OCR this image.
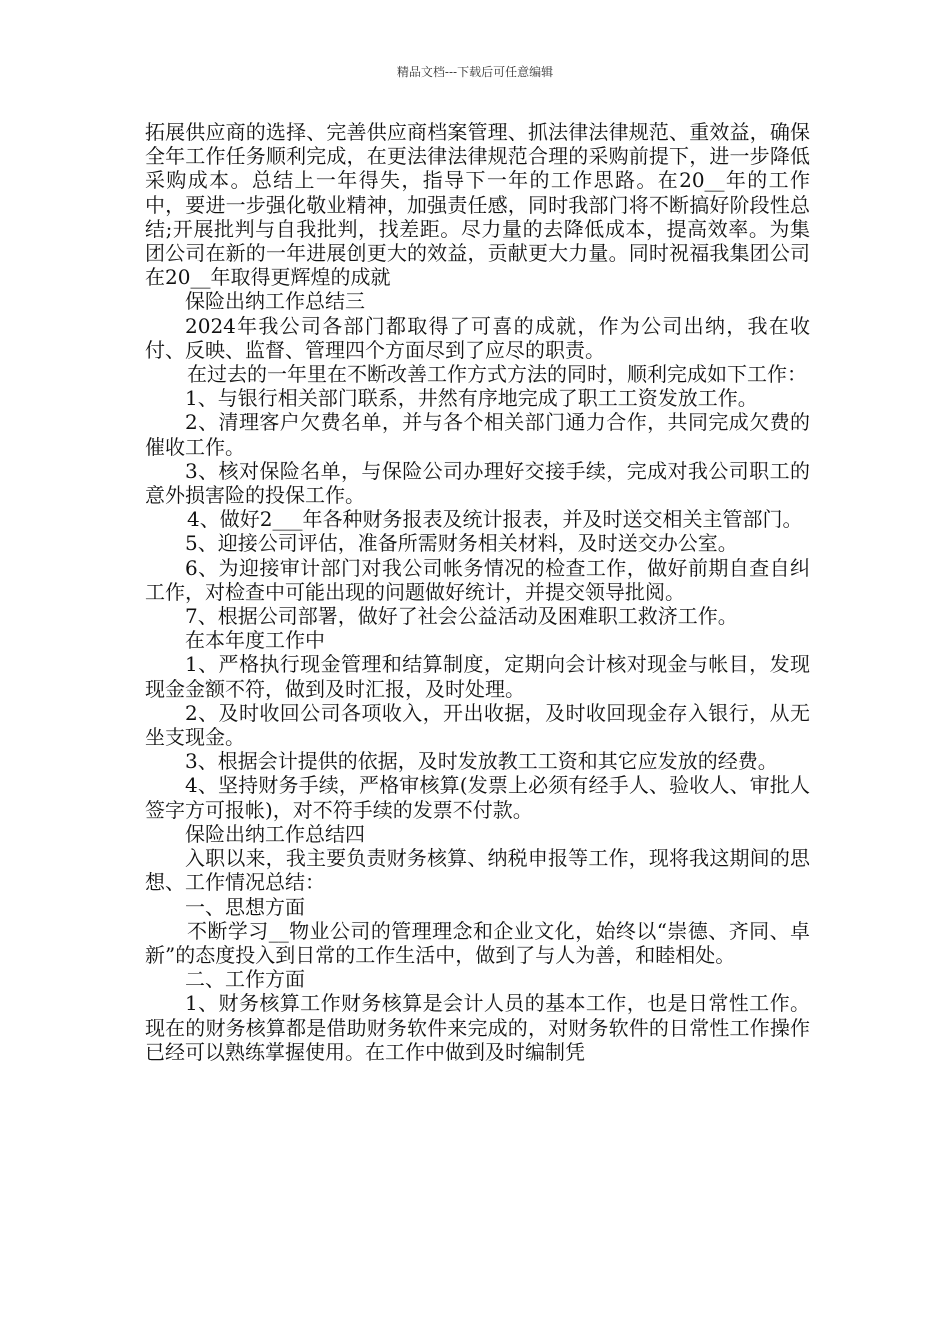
精品文档---下载后可任意编辑

拓展供应商的选择、完善供应商档案管理、抓法律法律规范、重效益，确保全年工作任务顺利完成，在更法律法律规范合理的采购前提下，进一步降低采购成本。总结上一年得失，指导下一年的工作思路。在20__年的工作中，要进一步强化敬业精神，加强责任感，同时我部门将不断搞好阶段性总结;开展批判与自我批判，找差距。尽力量的去降低成本，提高效率。为集团公司在新的一年进展创更大的效益，贡献更大力量。同时祝福我集团公司在20__年取得更辉煌的成就

保险出纳工作总结三

2024年我公司各部门都取得了可喜的成就，作为公司出纳，我在收付、反映、监督、管理四个方面尽到了应尽的职责。

在过去的一年里在不断改善工作方式方法的同时，顺利完成如下工作：

1、与银行相关部门联系，井然有序地完成了职工工资发放工作。

2、清理客户欠费名单，并与各个相关部门通力合作，共同完成欠费的催收工作。

3、核对保险名单，与保险公司办理好交接手续，完成对我公司职工的意外损害险的投保工作。

4、做好2___年各种财务报表及统计报表，并及时送交相关主管部门。

5、迎接公司评估，准备所需财务相关材料，及时送交办公室。

6、为迎接审计部门对我公司帐务情况的检查工作，做好前期自查自纠工作，对检查中可能出现的问题做好统计，并提交领导批阅。

7、根据公司部署，做好了社会公益活动及困难职工救济工作。

在本年度工作中

1、严格执行现金管理和结算制度，定期向会计核对现金与帐目，发现现金金额不符，做到及时汇报，及时处理。

2、及时收回公司各项收入，开出收据，及时收回现金存入银行，从无坐支现金。

3、根据会计提供的依据，及时发放教工工资和其它应发放的经费。

4、坚持财务手续，严格审核算(发票上必须有经手人、验收人、审批人签字方可报帐)，对不符手续的发票不付款。

保险出纳工作总结四

入职以来，我主要负责财务核算、纳税申报等工作，现将我这期间的思想、工作情况总结：

一、思想方面

不断学习__物业公司的管理理念和企业文化，始终以“崇德、齐同、卓新”的态度投入到日常的工作生活中，做到了与人为善，和睦相处。

二、工作方面

1、财务核算工作财务核算是会计人员的基本工作，也是日常性工作。现在的财务核算都是借助财务软件来完成的，对财务软件的日常性工作操作已经可以熟练掌握使用。在工作中做到及时编制凭
